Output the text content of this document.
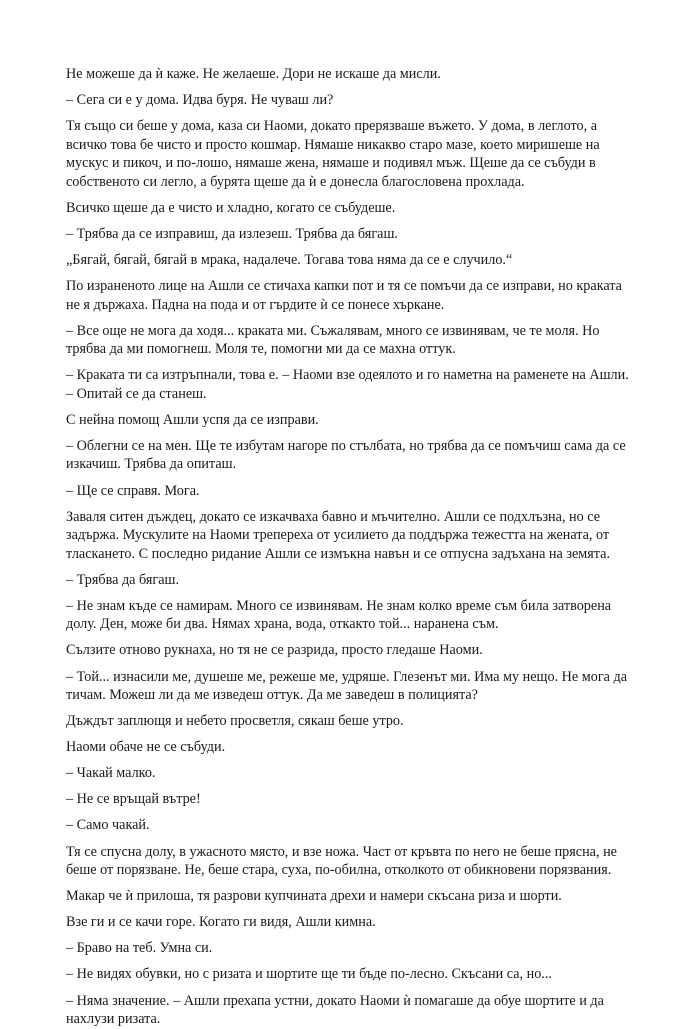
Не можеше да ѝ каже. Не желаеше. Дори не искаше да мисли.

– Сега си е у дома. Идва буря. Не чуваш ли?

Тя също си беше у дома, каза си Наоми, докато прерязваше въжето. У дома, в леглото, а
всичко това бе чисто и просто кошмар. Нямаше никакво старо мазе, което миришеше на
мускус и пикоч, и по-лошо, нямаше жена, нямаше и подивял мъж. Щеше да се събуди в
собственото си легло, а бурята щеше да ѝ е донесла благословена прохлада.

Всичко щеше да е чисто и хладно, когато се събудеше.

– Трябва да се изправиш, да излезеш. Трябва да бягаш.

„Бягай, бягай, бягай в мрака, надалече. Тогава това няма да се е случило.“

По израненото лице на Ашли се стичаха капки пот и тя се помъчи да се изправи, но краката
не я държаха. Падна на пода и от гърдите ѝ се понесе хъркане.

– Все още не мога да ходя... краката ми. Съжалявам, много се извинявам, че те моля. Но
трябва да ми помогнеш. Моля те, помогни ми да се махна оттук.

– Краката ти са изтръпнали, това е. – Наоми взе одеялото и го наметна на раменете на Ашли.
– Опитай се да станеш.

С нейна помощ Ашли успя да се изправи.

– Облегни се на мен. Ще те избутам нагоре по стълбата, но трябва да се помъчиш сама да се
изкачиш. Трябва да опиташ.

– Ще се справя. Мога.

Заваля ситен дъждец, докато се изкачваха бавно и мъчително. Ашли се подхлъзна, но се
задържа. Мускулите на Наоми трепереха от усилието да поддържа тежестта на жената, от
тласкането. С последно ридание Ашли се измъкна навън и се отпусна задъхана на земята.

– Трябва да бягаш.

– Не знам къде се намирам. Много се извинявам. Не знам колко време съм била затворена
долу. Ден, може би два. Нямах храна, вода, откакто той... наранена съм.

Сълзите отново рукнаха, но тя не се разрида, просто гледаше Наоми.

– Той... изнасили ме, душеше ме, режеше ме, удряше. Глезенът ми. Има му нещо. Не мога да
тичам. Можеш ли да ме изведеш оттук. Да ме заведеш в полицията?

Дъждът заплющя и небето просветля, сякаш беше утро.

Наоми обаче не се събуди.

– Чакай малко.

– Не се връщай вътре!

– Само чакай.

Тя се спусна долу, в ужасното място, и взе ножа. Част от кръвта по него не беше прясна, не
беше от порязване. Не, беше стара, суха, по-обилна, отколкото от обикновени порязвания.

Макар че ѝ прилоша, тя разрови купчината дрехи и намери скъсана риза и шорти.

Взе ги и се качи горе. Когато ги видя, Ашли кимна.

– Браво на теб. Умна си.

– Не видях обувки, но с ризата и шортите ще ти бъде по-лесно. Скъсани са, но...

– Няма значение. – Ашли прехапа устни, докато Наоми ѝ помагаше да обуе шортите и да
нахлузи ризата.
